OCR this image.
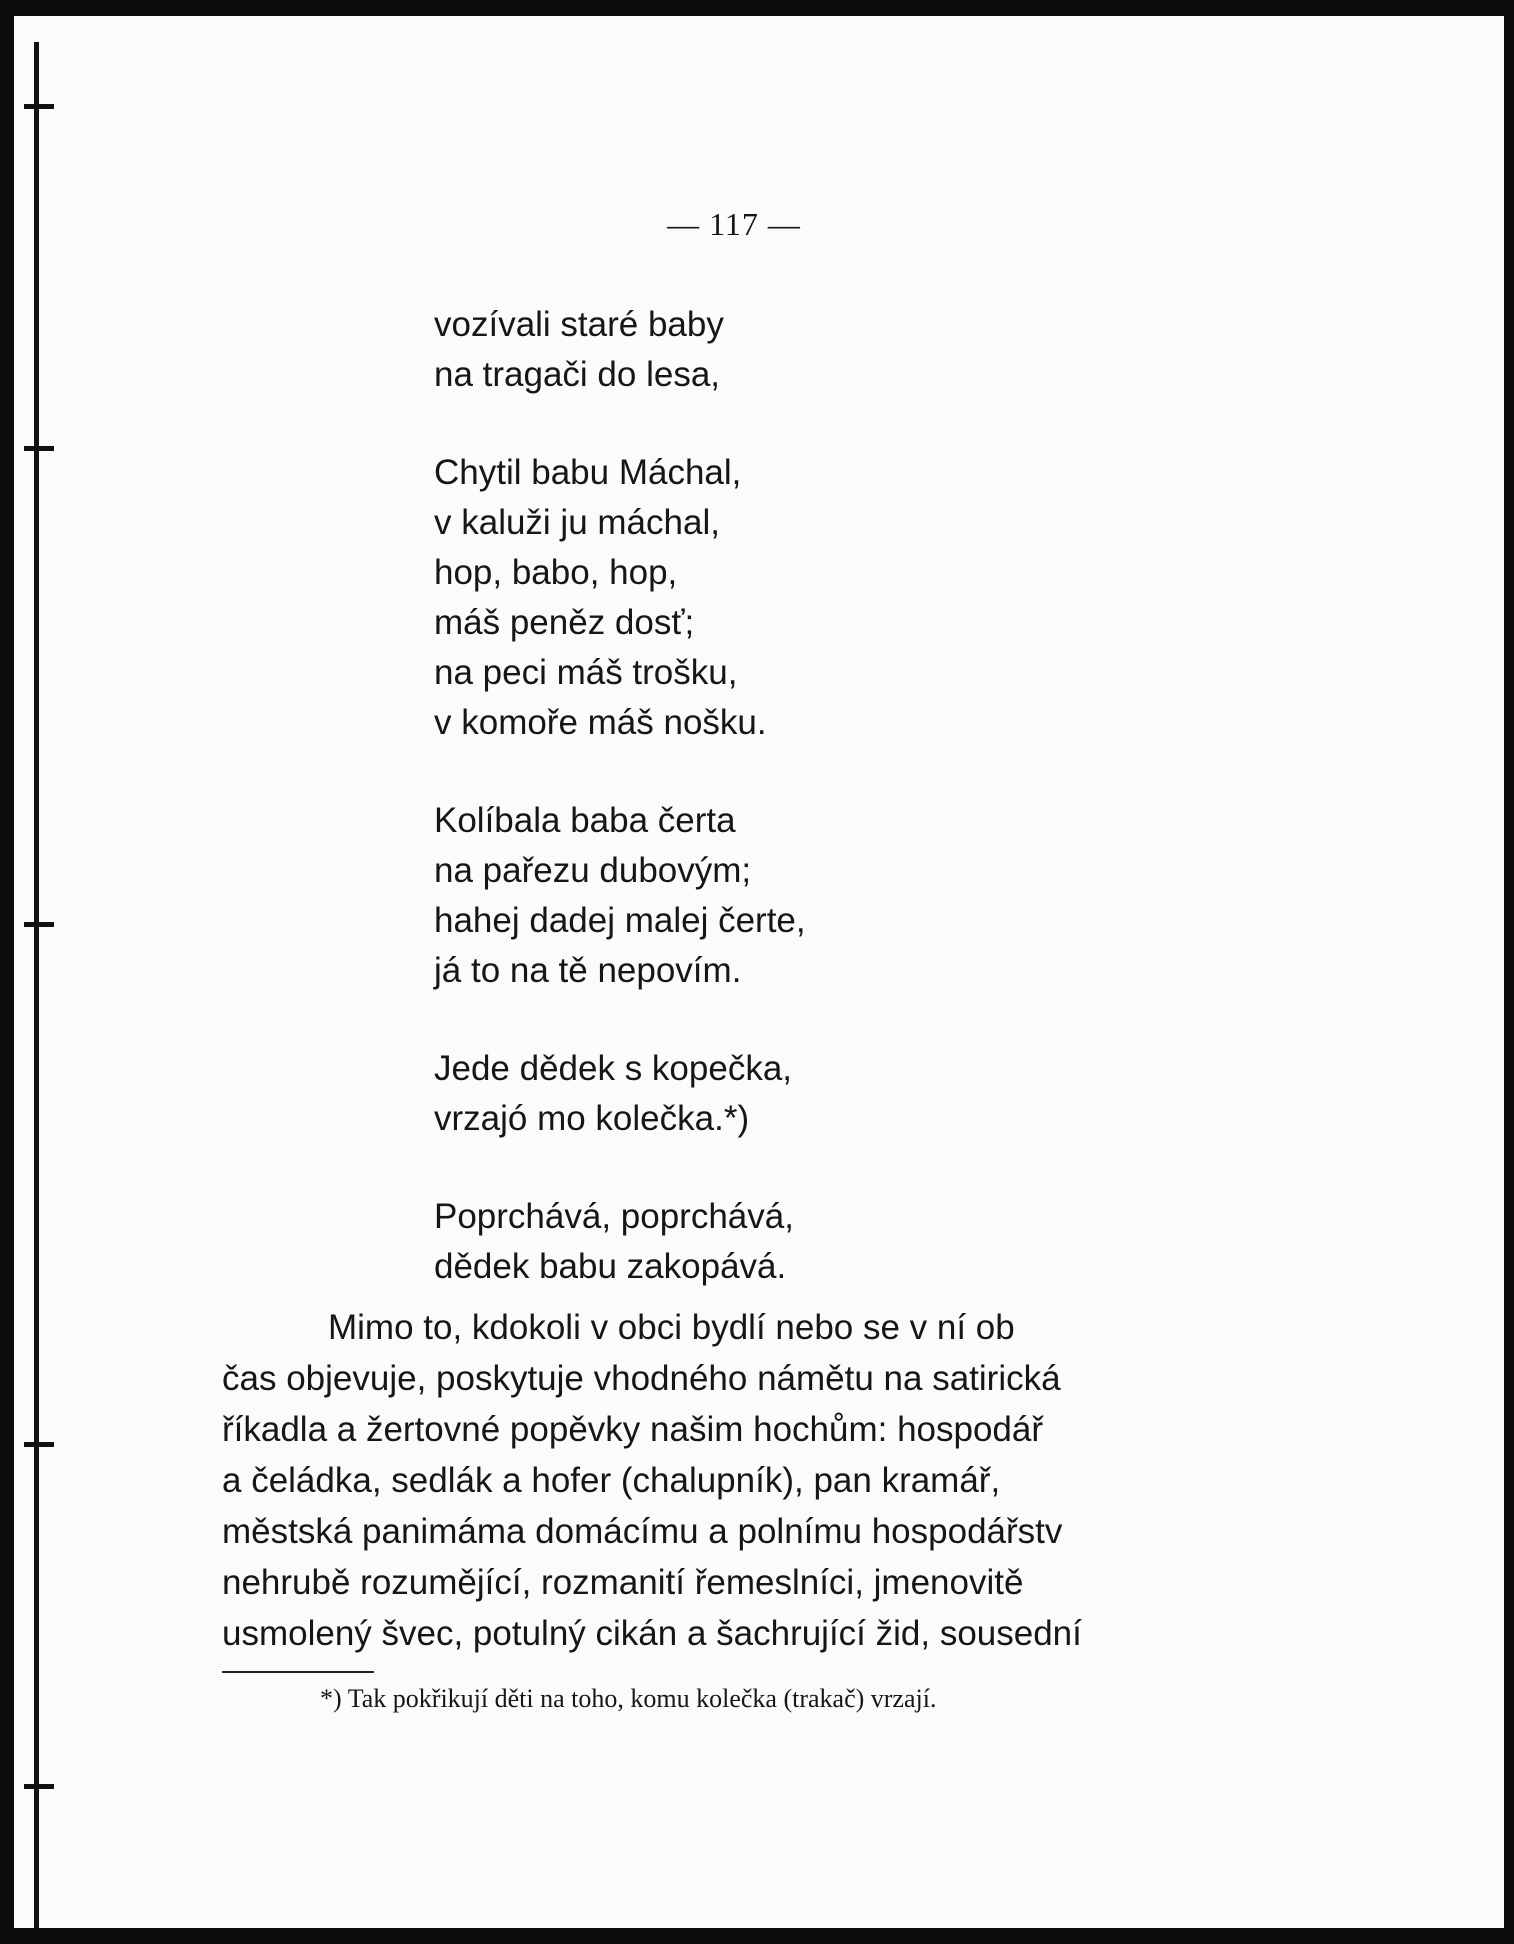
— 117 —
vozívali staré baby
na tragači do lesa,
Chytil babu Máchal,
v kaluži ju máchal,
hop, babo, hop,
máš peněz dosť;
na peci máš trošku,
v komoře máš nošku.
Kolíbala baba čerta
na pařezu dubovým;
hahej dadej malej čerte,
já to na tě nepovím.
Jede dědek s kopečka,
vrzajó mo kolečka.*)
Poprchává, poprchává,
dědek babu zakopává.
Mimo to, kdokoli v obci bydlí nebo se v ní ob
čas objevuje, poskytuje vhodného námětu na satirická
říkadla a žertovné popěvky našim hochům: hospodář
a čeládka, sedlák a hofer (chalupník), pan kramář,
městská panimáma domácímu a polnímu hospodářstv
nehrubě rozumějící, rozmanití řemeslníci, jmenovitě
usmolený švec, potulný cikán a šachrující žid, sousední
*) Tak pokřikují děti na toho, komu kolečka (trakač) vrzají.
